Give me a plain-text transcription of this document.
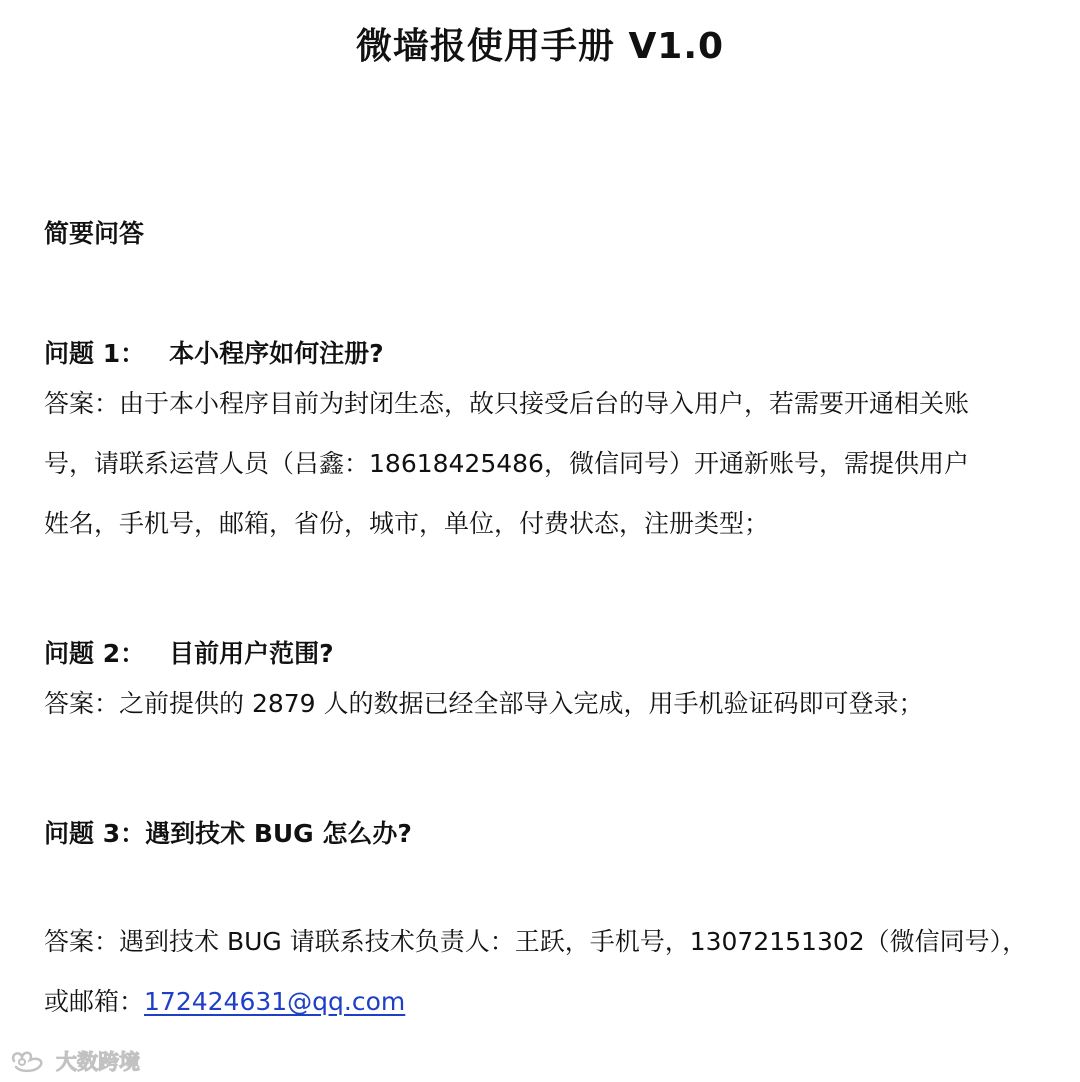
微墙报使用手册 V1.0
简要问答
问题 1： 本小程序如何注册?
答案：由于本小程序目前为封闭生态，故只接受后台的导入用户，若需要开通相关账
号，请联系运营人员（吕鑫：18618425486，微信同号）开通新账号，需提供用户
姓名，手机号，邮箱，省份，城市，单位，付费状态，注册类型；
问题 2： 目前用户范围?
答案：之前提供的 2879 人的数据已经全部导入完成，用手机验证码即可登录；
问题 3：遇到技术 BUG 怎么办?
答案：遇到技术 BUG 请联系技术负责人：王跃，手机号，13072151302（微信同号），
或邮箱：172424631@qq.com
大数跨境
